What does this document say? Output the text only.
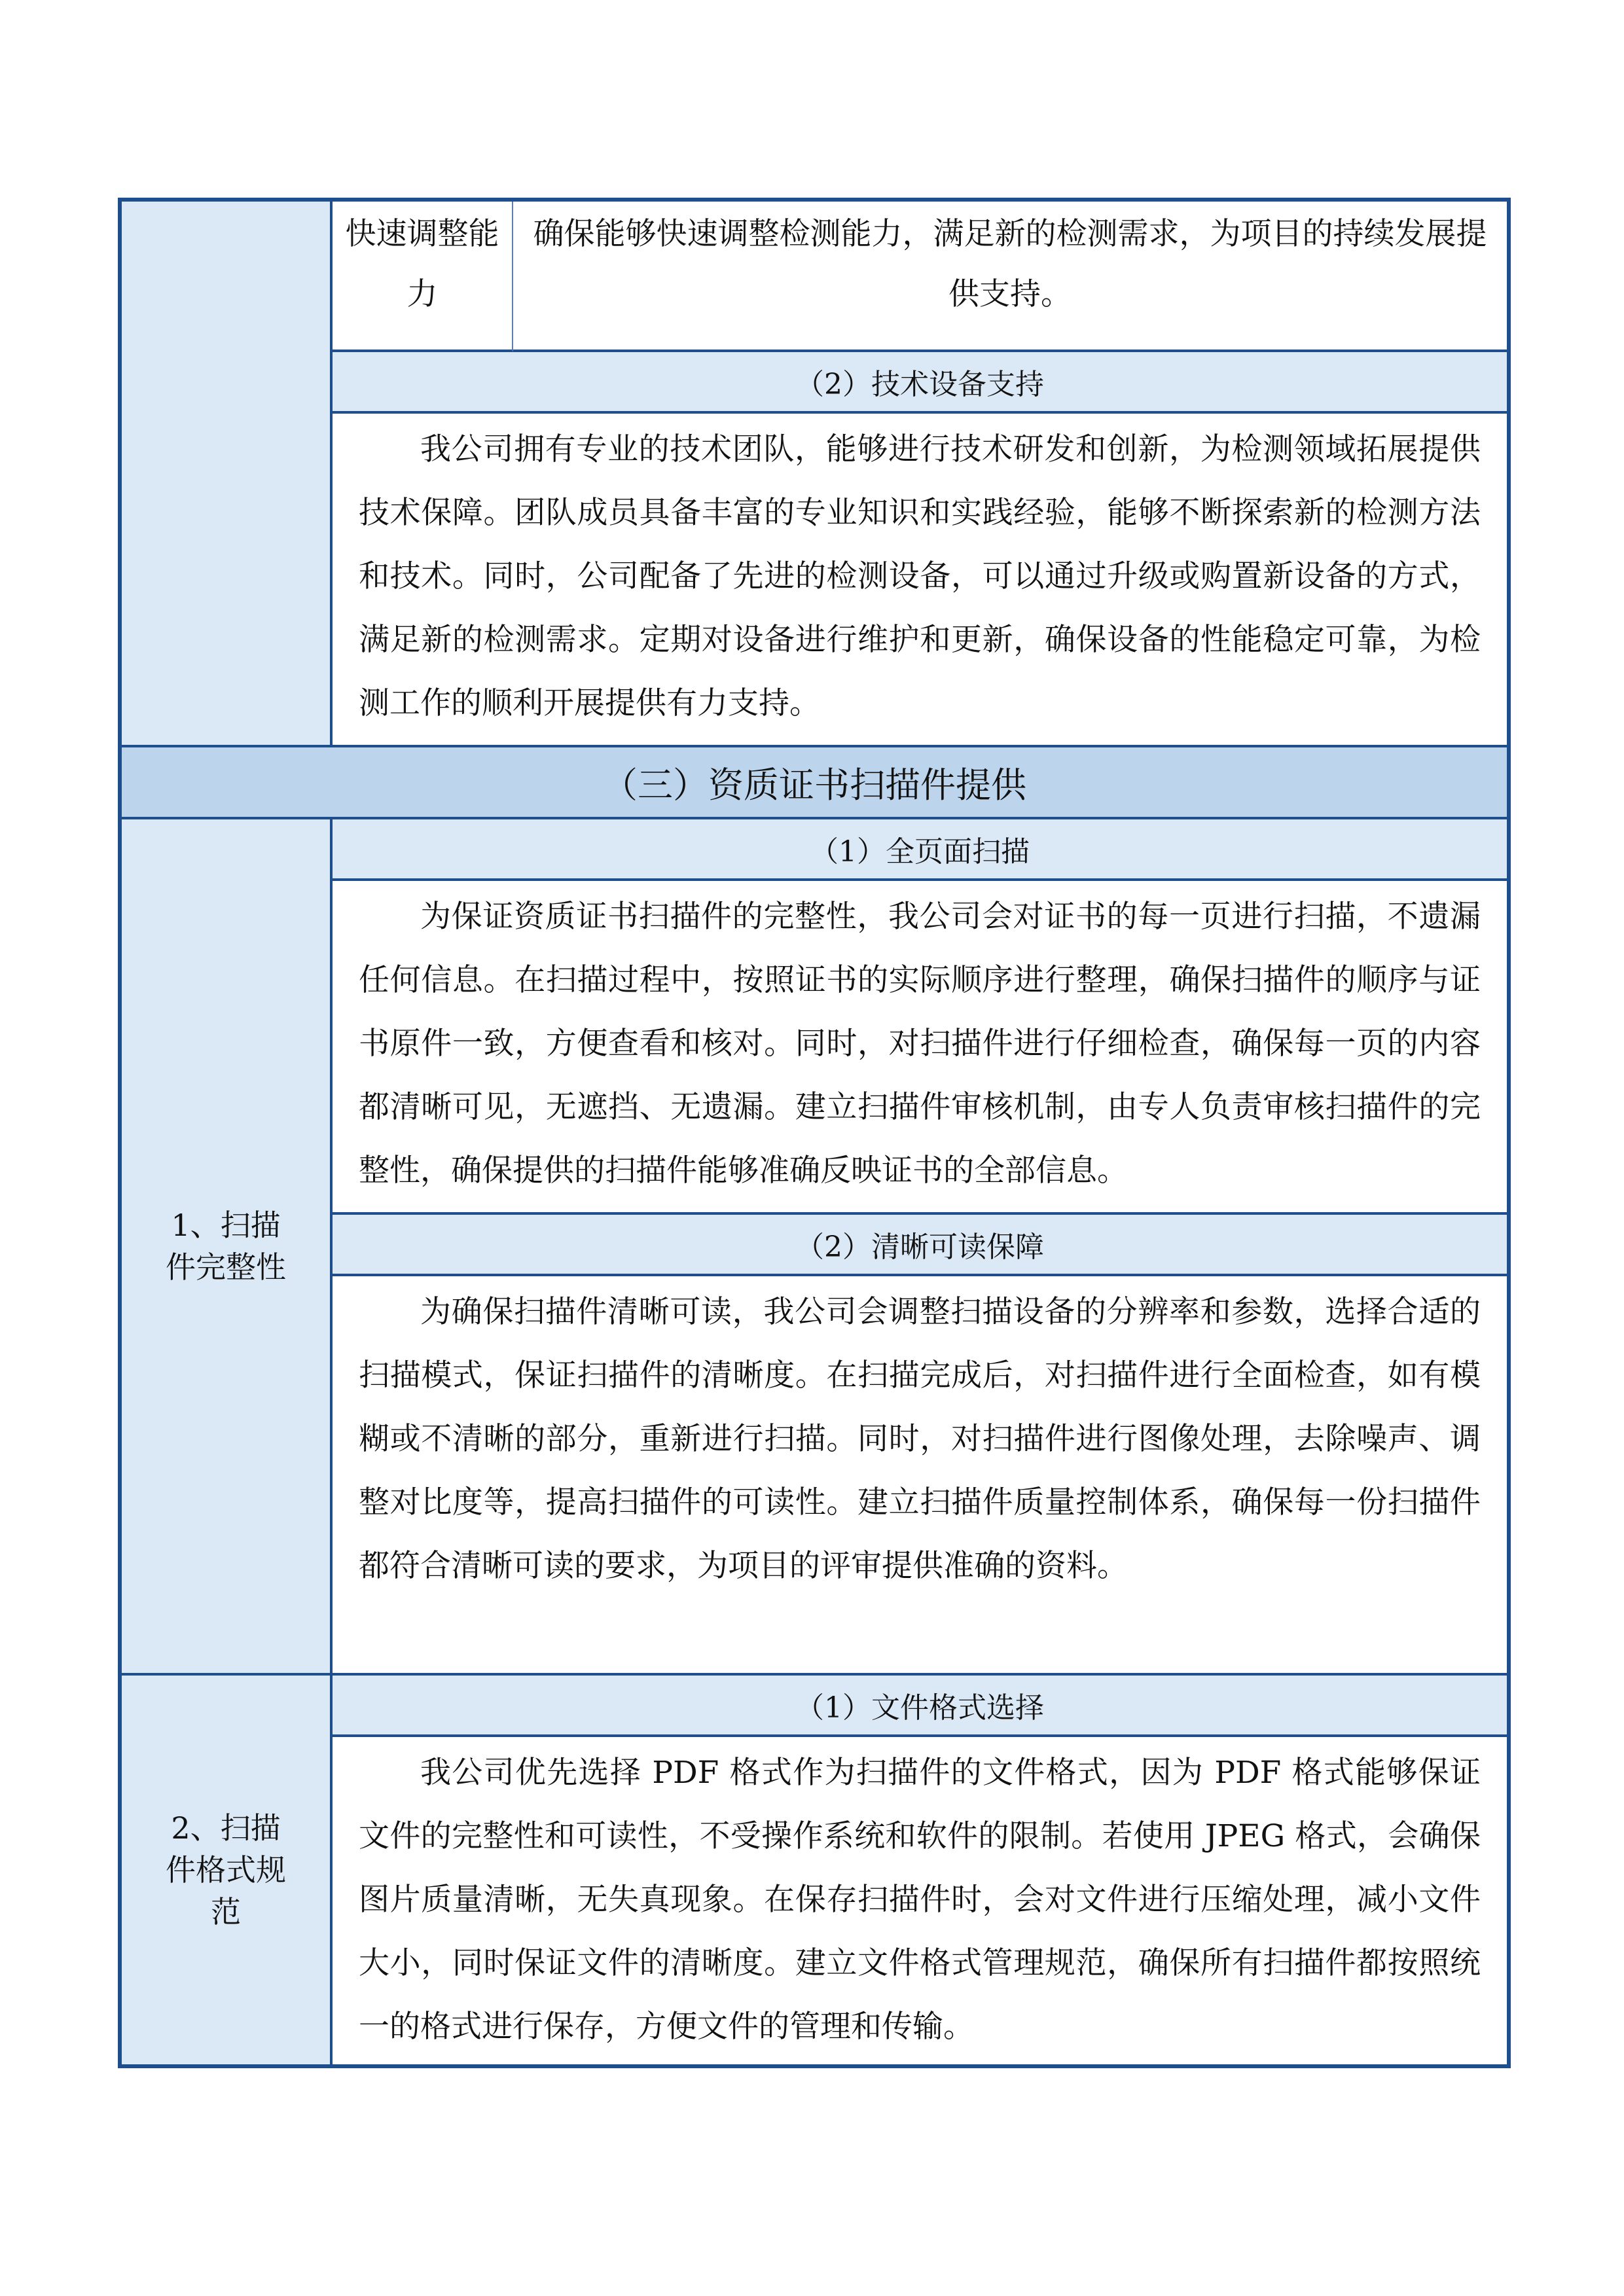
快速调整能力
确保能够快速调整检测能力，满足新的检测需求，为项目的持续发展提供支持。
（2）技术设备支持
我公司拥有专业的技术团队，能够进行技术研发和创新，为检测领域拓展提供技术保障。团队成员具备丰富的专业知识和实践经验，能够不断探索新的检测方法和技术。同时，公司配备了先进的检测设备，可以通过升级或购置新设备的方式，满足新的检测需求。定期对设备进行维护和更新，确保设备的性能稳定可靠，为检测工作的顺利开展提供有力支持。
（三）资质证书扫描件提供
1、扫描件完整性
（1）全页面扫描
为保证资质证书扫描件的完整性，我公司会对证书的每一页进行扫描，不遗漏任何信息。在扫描过程中，按照证书的实际顺序进行整理，确保扫描件的顺序与证书原件一致，方便查看和核对。同时，对扫描件进行仔细检查，确保每一页的内容都清晰可见，无遮挡、无遗漏。建立扫描件审核机制，由专人负责审核扫描件的完整性，确保提供的扫描件能够准确反映证书的全部信息。
（2）清晰可读保障
为确保扫描件清晰可读，我公司会调整扫描设备的分辨率和参数，选择合适的扫描模式，保证扫描件的清晰度。在扫描完成后，对扫描件进行全面检查，如有模糊或不清晰的部分，重新进行扫描。同时，对扫描件进行图像处理，去除噪声、调整对比度等，提高扫描件的可读性。建立扫描件质量控制体系，确保每一份扫描件都符合清晰可读的要求，为项目的评审提供准确的资料。
2、扫描件格式规范
（1）文件格式选择
我公司优先选择 PDF 格式作为扫描件的文件格式，因为 PDF 格式能够保证文件的完整性和可读性，不受操作系统和软件的限制。若使用 JPEG 格式，会确保图片质量清晰，无失真现象。在保存扫描件时，会对文件进行压缩处理，减小文件大小，同时保证文件的清晰度。建立文件格式管理规范，确保所有扫描件都按照统一的格式进行保存，方便文件的管理和传输。
